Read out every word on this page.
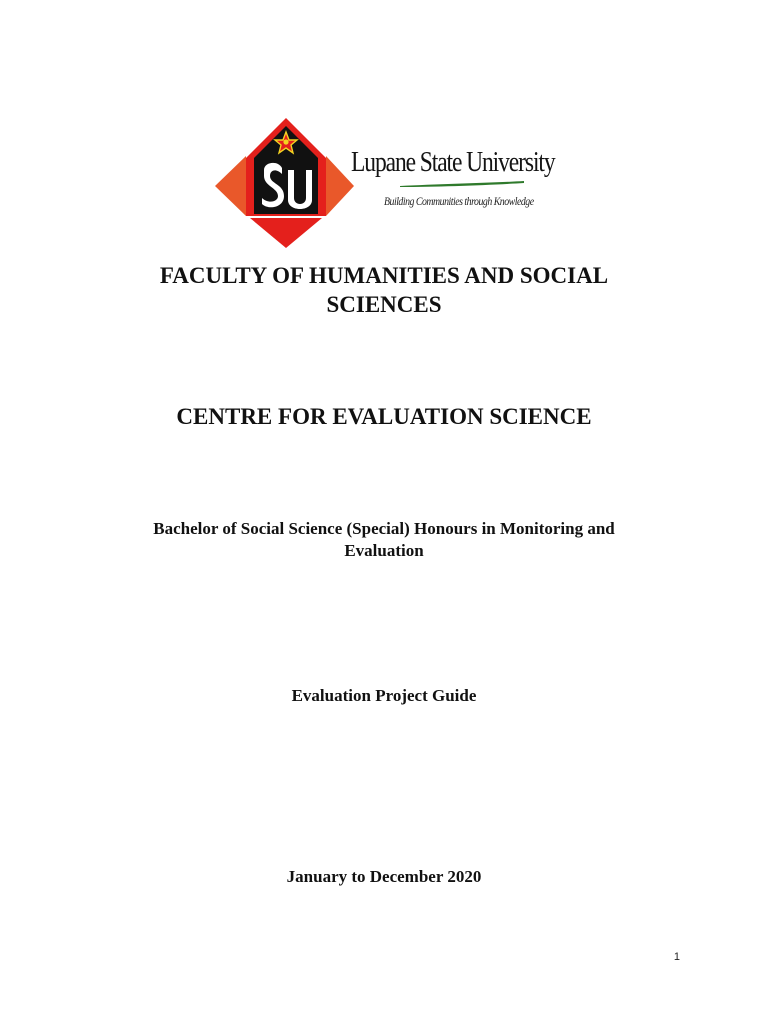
Lupane State University
Building Communities through Knowledge
FACULTY OF HUMANITIES AND SOCIAL
SCIENCES
CENTRE FOR EVALUATION SCIENCE
Bachelor of Social Science (Special) Honours in Monitoring and
Evaluation
Evaluation Project Guide
January to December 2020
1
